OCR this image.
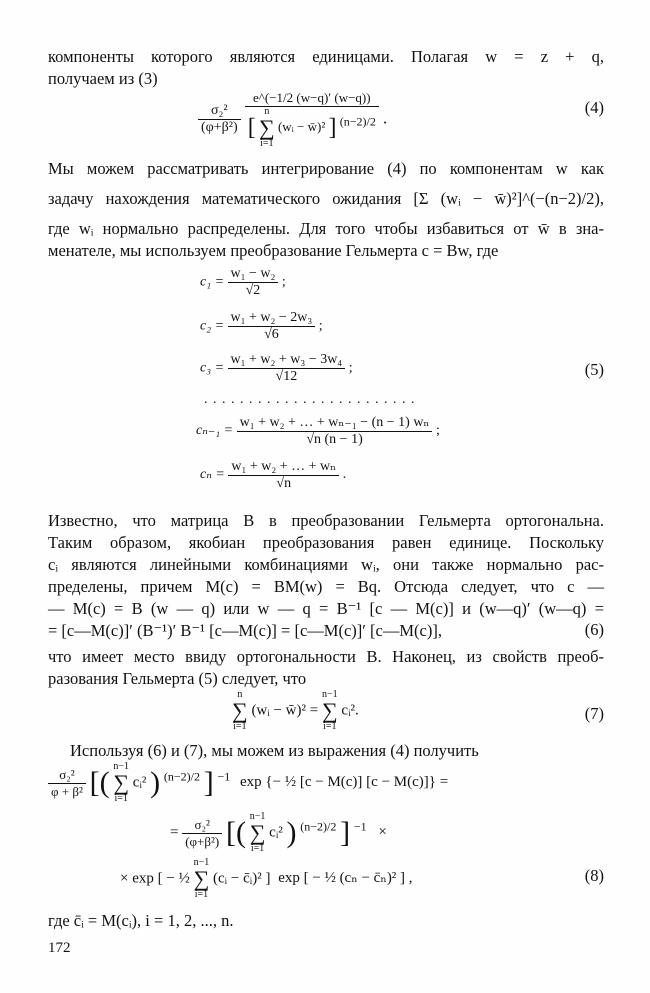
компоненты которого являются единицами. Полагая w = z + q,
получаем из (3)
$\frac{\text{σ₂²}}{\text{(φ+β²)}}$

e^(−1/2 (w−q)′ (w−q))
[
n
∑
i=1
(wᵢ − w̄)² ] $^{(n-2)/2}$ .
(4)
Мы можем рассматривать интегрирование (4) по компонентам w как
задачу нахождения математического ожидания [Σ (wᵢ − w̄)²]^(−(n−2)/2),
где wᵢ нормально распределены. Для того чтобы избавиться от w̄ в зна-
менателе, мы используем преобразование Гельмерта c = Bw, где
$c_1 = \frac{\text{w₁ − w₂}}{√2}$ ;
$c_2 = \frac{\text{w₁ + w₂ − 2w₃}}{√6}$ ;
$c_3 = \frac{\text{w₁ + w₂ + w₃ − 3w₄}}{√12}$ ;	(5)
. . . . . . . . . . . . . . . . . . . . . . . .
$c_{n-1} = \frac{\text{w₁ + w₂ + … + wₙ₋₁ − (n − 1) wₙ}}{√n (n - 1)}$ ;
$c_n = \frac{\text{w₁ + w₂ + … + wₙ}}{√n}$ .
Известно, что матрица B в преобразовании Гельмерта ортогональна.
Таким образом, якобиан преобразования равен единице. Поскольку
cᵢ являются линейными комбинациями wᵢ, они также нормально рас-
пределены, причем M(c) = BM(w) = Bq. Отсюда следует, что c —
— M(c) = B (w — q) или w — q = B⁻¹ [c — M(c)] и (w—q)′ (w—q) =
= [c—M(c)]′ (B⁻¹)′ B⁻¹ [c—M(c)] = [c—M(c)]′ [c—M(c)],	(6)
что имеет место ввиду ортогональности B. Наконец, из свойств преоб-
разования Гельмерта (5) следует, что
n
∑
i=1
(wᵢ − w̄)² =
n−1
∑
i=1
cᵢ².	(7)
Используя (6) и (7), мы можем из выражения (4) получить
$\frac{\text{σ₂²}}{\text{φ + β²}}$ [( n−1
∑
i=1
cᵢ² ) $^{(n-2)/2}$ ] $^{-1}$ exp {− ½ [c − M(c)] [c − M(c)]} =
= $\frac{\text{σ₂²}}{\text{(φ+β²)}}$ [( n−1
∑
i=1
cᵢ² ) $^{(n-2)/2}$ ] $^{-1}$ ×
× exp [ − ½
n−1
∑
i=1
(cᵢ − c̄ᵢ)² ] exp [ − ½ (cₙ − c̄ₙ)² ] ,	(8)
где c̄ᵢ = M(cᵢ), i = 1, 2, ..., n.
172
